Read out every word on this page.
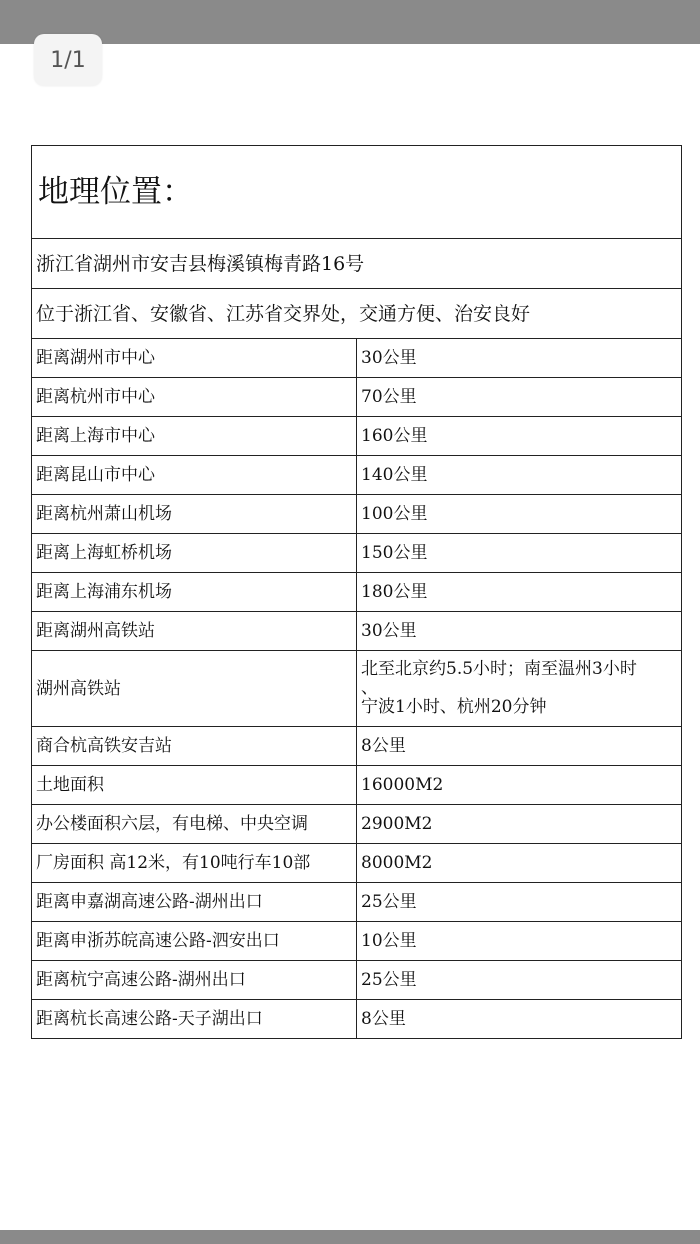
1/1
地理位置：	
浙江省湖州市安吉县梅溪镇梅青路16号	
位于浙江省、安徽省、江苏省交界处，交通方便、治安良好	
距离湖州市中心	30公里
距离杭州市中心	70公里
距离上海市中心	160公里
距离昆山市中心	140公里
距离杭州萧山机场	100公里
距离上海虹桥机场	150公里
距离上海浦东机场	180公里
距离湖州高铁站	30公里
湖州高铁站	北至北京约5.5小时；南至温州3小时
、
宁波1小时、杭州20分钟

商合杭高铁安吉站	8公里
土地面积	16000M2
办公楼面积六层，有电梯、中央空调	2900M2
厂房面积 高12米，有10吨行车10部	8000M2
距离申嘉湖高速公路-湖州出口	25公里
距离申浙苏皖高速公路-泗安出口	10公里
距离杭宁高速公路-湖州出口	25公里
距离杭长高速公路-天子湖出口	8公里
